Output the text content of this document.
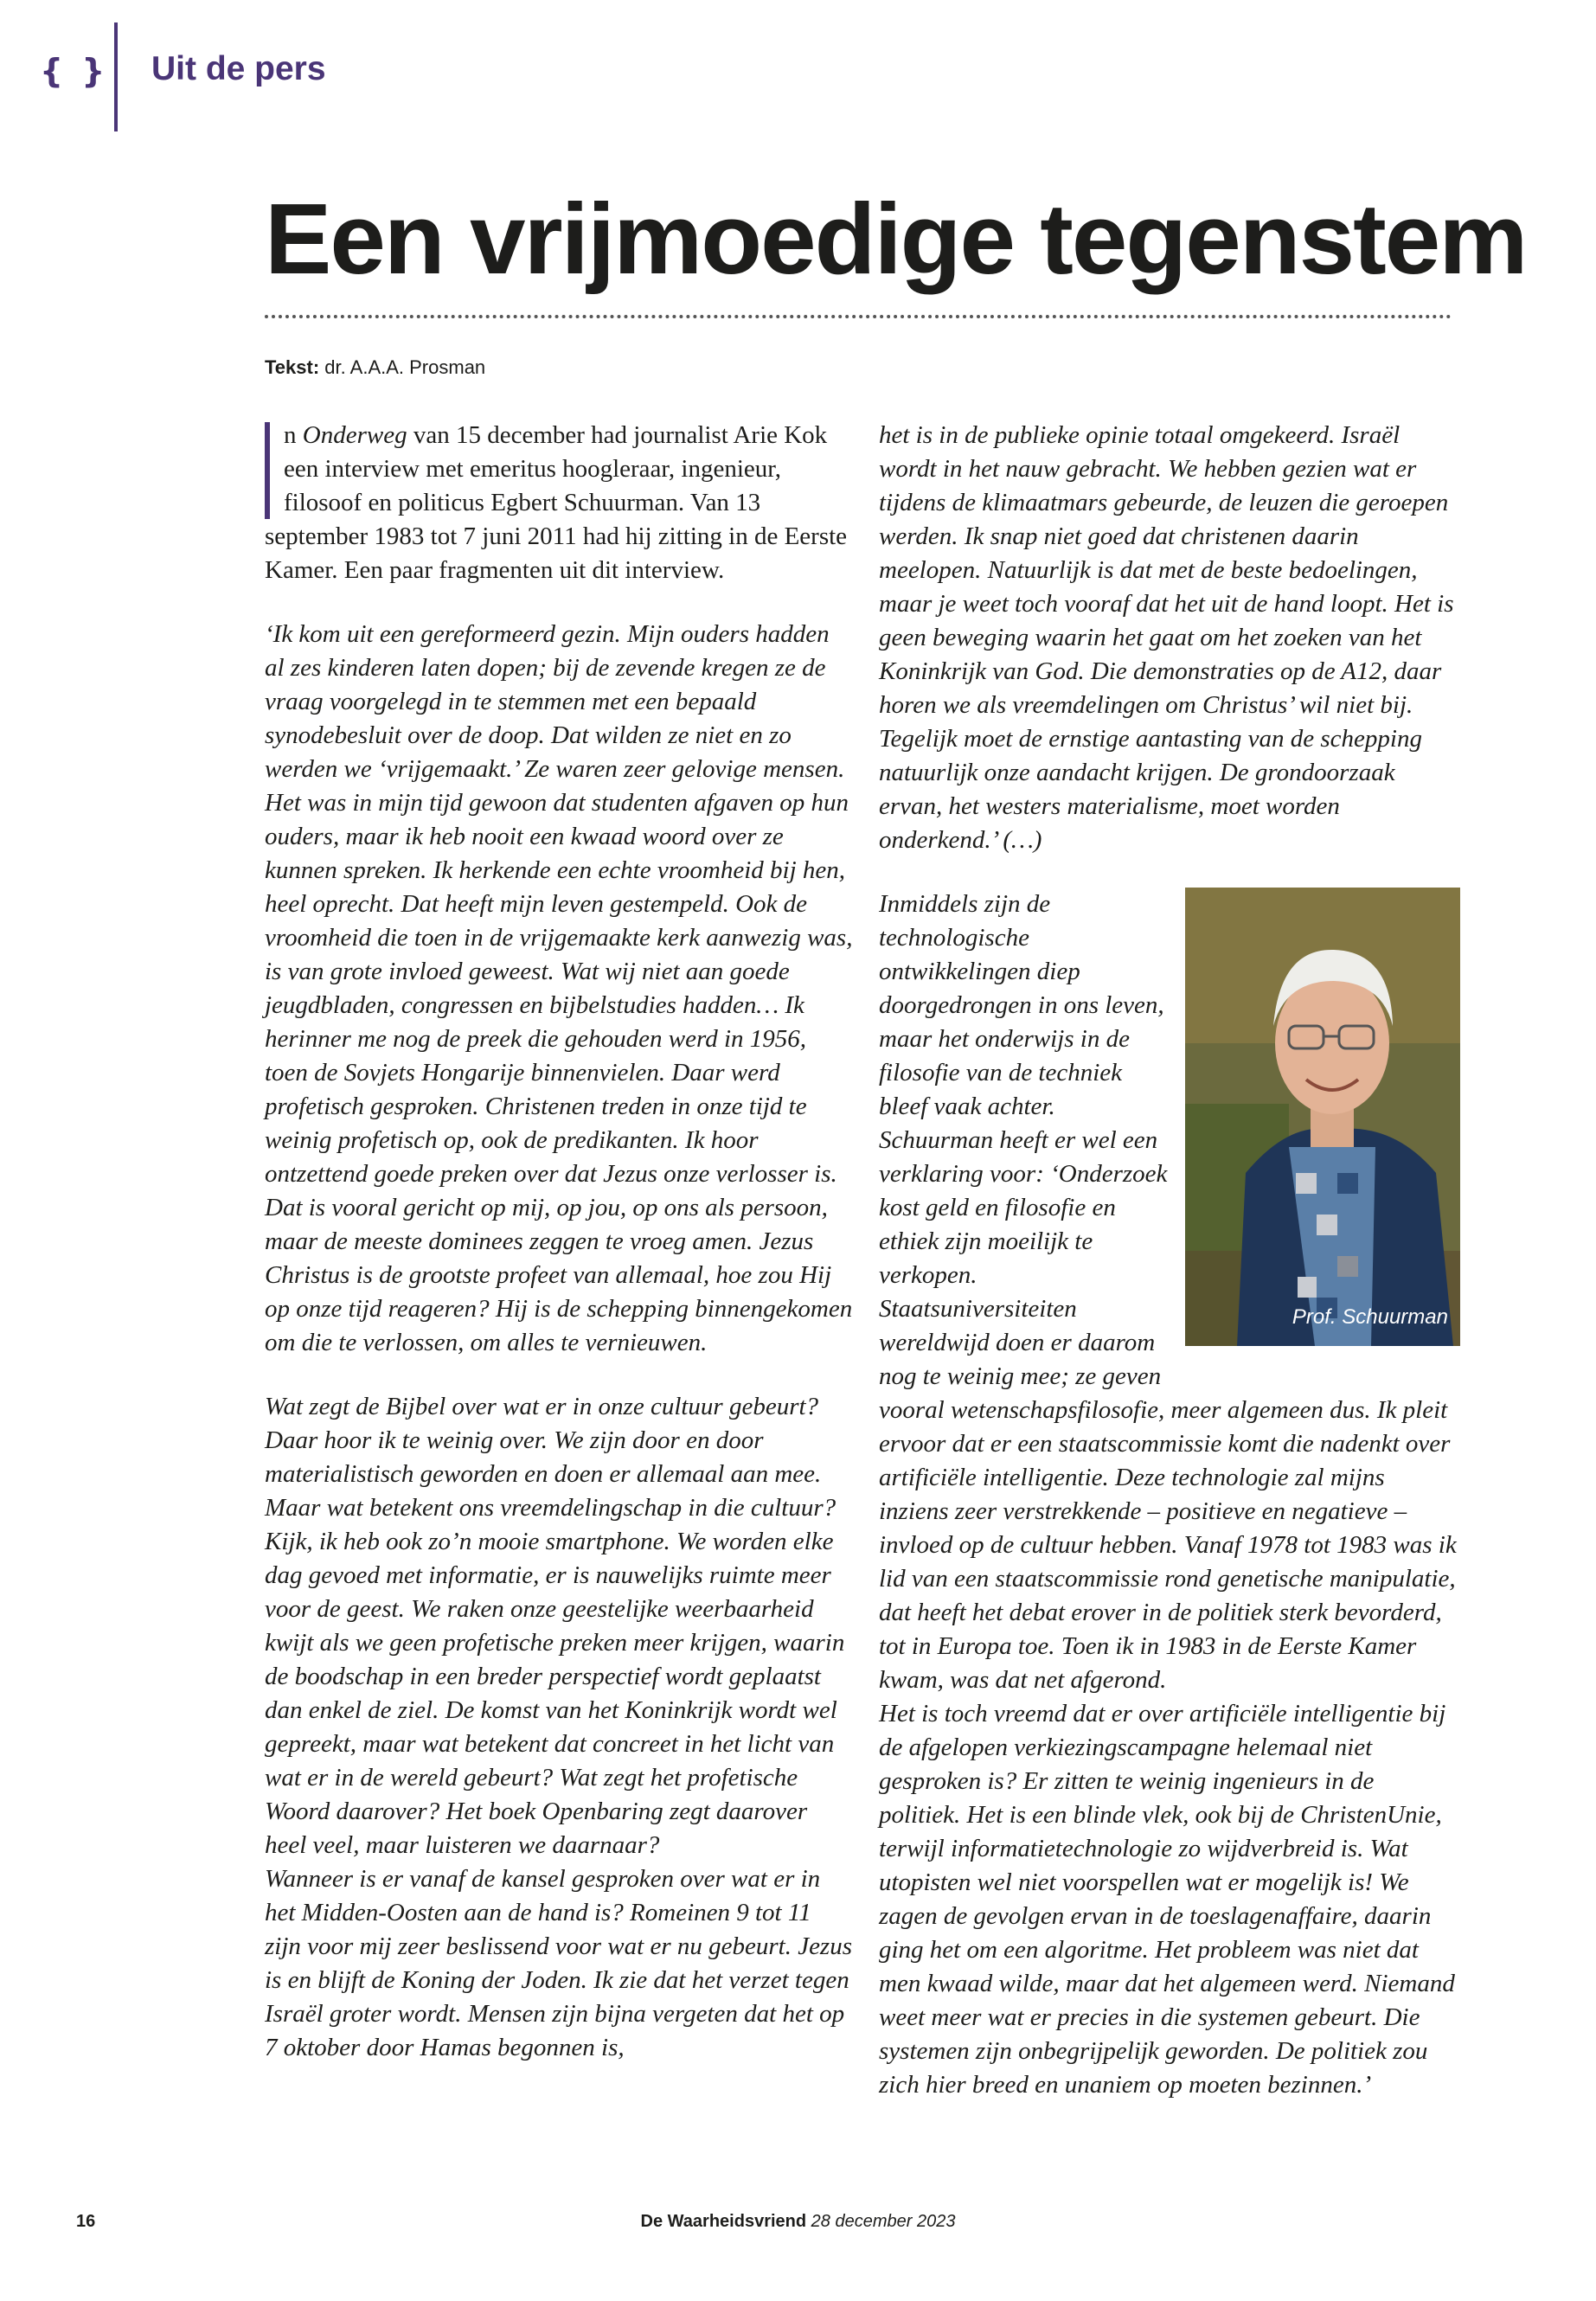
{ } Uit de pers
Een vrijmoedige tegenstem
Tekst: dr. A.A.A. Prosman

n Onderweg van 15 december had journalist Arie Kok een interview met emeritus hoogleraar, ingenieur, filosoof en politicus Egbert Schuurman. Van 13 september 1983 tot 7 juni 2011 had hij zitting in de Eerste Kamer. Een paar fragmenten uit dit interview.

‘Ik kom uit een gereformeerd gezin. Mijn ouders hadden al zes kinderen laten dopen; bij de zevende kregen ze de vraag voorgelegd in te stemmen met een bepaald synodebesluit over de doop. Dat wilden ze niet en zo werden we ‘vrijgemaakt.’ Ze waren zeer gelovige mensen. Het was in mijn tijd gewoon dat studenten afgaven op hun ouders, maar ik heb nooit een kwaad woord over ze kunnen spreken. Ik herkende een echte vroomheid bij hen, heel oprecht. Dat heeft mijn leven gestempeld. Ook de vroomheid die toen in de vrijgemaakte kerk aanwezig was, is van grote invloed geweest. Wat wij niet aan goede jeugdbladen, congressen en bijbelstudies hadden… Ik herinner me nog de preek die gehouden werd in 1956, toen de Sovjets Hongarije binnenvielen. Daar werd profetisch gesproken. Christenen treden in onze tijd te weinig profetisch op, ook de predikanten. Ik hoor ontzettend goede preken over dat Jezus onze verlosser is. Dat is vooral gericht op mij, op jou, op ons als persoon, maar de meeste dominees zeggen te vroeg amen. Jezus Christus is de grootste profeet van allemaal, hoe zou Hij op onze tijd reageren? Hij is de schepping binnengekomen om die te verlossen, om alles te vernieuwen.

Wat zegt de Bijbel over wat er in onze cultuur gebeurt? Daar hoor ik te weinig over. We zijn door en door materialistisch geworden en doen er allemaal aan mee. Maar wat betekent ons vreemdelingschap in die cultuur? Kijk, ik heb ook zo’n mooie smartphone. We worden elke dag gevoed met informatie, er is nauwelijks ruimte meer voor de geest. We raken onze geestelijke weerbaarheid kwijt als we geen profetische preken meer krijgen, waarin de boodschap in een breder perspectief wordt geplaatst dan enkel de ziel. De komst van het Koninkrijk wordt wel gepreekt, maar wat betekent dat concreet in het licht van wat er in de wereld gebeurt? Wat zegt het profetische Woord daarover? Het boek Openbaring zegt daarover heel veel, maar luisteren we daarnaar?

Wanneer is er vanaf de kansel gesproken over wat er in het Midden-Oosten aan de hand is? Romeinen 9 tot 11 zijn voor mij zeer beslissend voor wat er nu gebeurt. Jezus is en blijft de Koning der Joden. Ik zie dat het verzet tegen Israël groter wordt. Mensen zijn bijna vergeten dat het op 7 oktober door Hamas begonnen is,

het is in de publieke opinie totaal omgekeerd. Israël wordt in het nauw gebracht. We hebben gezien wat er tijdens de klimaatmars gebeurde, de leuzen die geroepen werden. Ik snap niet goed dat christenen daarin meelopen. Natuurlijk is dat met de beste bedoelingen, maar je weet toch vooraf dat het uit de hand loopt. Het is geen beweging waarin het gaat om het zoeken van het Koninkrijk van God. Die demonstraties op de A12, daar horen we als vreemdelingen om Christus’ wil niet bij. Tegelijk moet de ernstige aantasting van de schepping natuurlijk onze aandacht krijgen. De grondoorzaak ervan, het westers materialisme, moet worden onderkend.’ (…)

Prof. Schuurman

Inmiddels zijn de technologische ontwikkelingen diep doorgedrongen in ons leven, maar het onderwijs in de filosofie van de techniek bleef vaak achter. Schuurman heeft er wel een verklaring voor: ‘Onderzoek kost geld en filosofie en ethiek zijn moeilijk te verkopen. Staatsuniversiteiten wereldwijd doen er daarom nog te weinig mee; ze geven vooral wetenschapsfilosofie, meer algemeen dus. Ik pleit ervoor dat er een staatscommissie komt die nadenkt over artificiële intelligentie. Deze technologie zal mijns inziens zeer verstrekkende – positieve en negatieve – invloed op de cultuur hebben. Vanaf 1978 tot 1983 was ik lid van een staatscommissie rond genetische manipulatie, dat heeft het debat erover in de politiek sterk bevorderd, tot in Europa toe. Toen ik in 1983 in de Eerste Kamer kwam, was dat net afgerond.

Het is toch vreemd dat er over artificiële intelligentie bij de afgelopen verkiezingscampagne helemaal niet gesproken is? Er zitten te weinig ingenieurs in de politiek. Het is een blinde vlek, ook bij de ChristenUnie, terwijl informatietechnologie zo wijdverbreid is. Wat utopisten wel niet voorspellen wat er mogelijk is! We zagen de gevolgen ervan in de toeslagenaffaire, daarin ging het om een algoritme. Het probleem was niet dat men kwaad wilde, maar dat het algemeen werd. Niemand weet meer wat er precies in die systemen gebeurt. Die systemen zijn onbegrijpelijk geworden. De politiek zou zich hier breed en unaniem op moeten bezinnen.’

16	De Waarheidsvriend 28 december 2023
